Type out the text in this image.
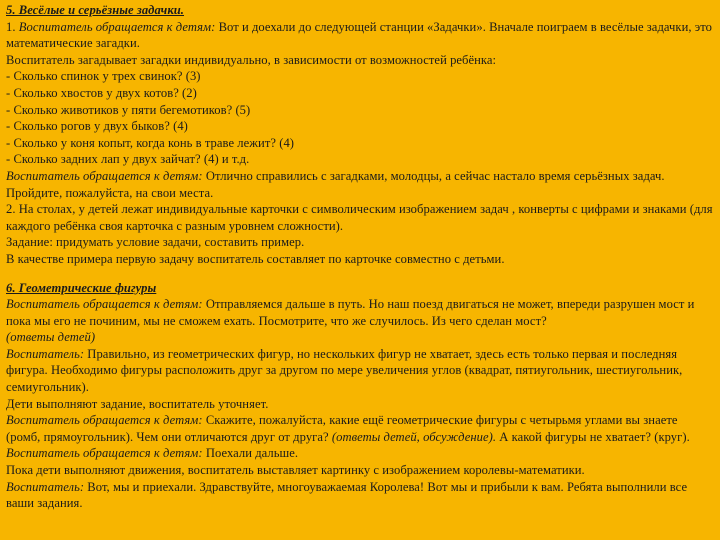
5. Весёлые и серьёзные задачки.

1. Воспитатель обращается к детям: Вот и доехали до следующей станции «Задачки». Вначале поиграем в весёлые задачки, это математические загадки.

Воспитатель загадывает загадки индивидуально, в зависимости от возможностей ребёнка:

- Сколько спинок у трех свинок? (3)

- Сколько хвостов у двух котов? (2)

- Сколько животиков у пяти бегемотиков? (5)

- Сколько рогов у двух быков? (4)

- Сколько у коня копыт, когда конь в траве лежит? (4)

- Сколько задних лап у двух зайчат? (4) и т.д.

Воспитатель обращается к детям: Отлично справились с загадками, молодцы, а сейчас настало время серьёзных задач. Пройдите, пожалуйста, на свои места.

2. На столах, у детей лежат индивидуальные карточки с символическим изображением задач , конверты с цифрами и знаками (для каждого ребёнка своя карточка с разным уровнем сложности).

Задание: придумать условие задачи, составить пример.

В качестве примера первую задачу воспитатель составляет по карточке совместно с детьми.

6. Геометрические фигуры

Воспитатель обращается к детям: Отправляемся дальше в путь. Но наш поезд двигаться не может, впереди разрушен мост и пока мы его не починим, мы не сможем ехать. Посмотрите, что же случилось. Из чего сделан мост?
(ответы детей)

Воспитатель: Правильно, из геометрических фигур, но нескольких фигур не хватает, здесь есть только первая и последняя фигура. Необходимо фигуры расположить друг за другом по мере увеличения углов (квадрат, пятиугольник, шестиугольник, семиугольник).

Дети выполняют задание, воспитатель уточняет.

Воспитатель обращается к детям: Скажите, пожалуйста, какие ещё геометрические фигуры с четырьмя углами вы знаете (ромб, прямоугольник). Чем они отличаются друг от друга? (ответы детей, обсуждение). А какой фигуры не хватает? (круг).

Воспитатель обращается к детям: Поехали дальше.

Пока дети выполняют движения, воспитатель выставляет картинку с изображением королевы-математики.

Воспитатель: Вот, мы и приехали. Здравствуйте, многоуважаемая Королева! Вот мы и прибыли к вам. Ребята выполнили все ваши задания.
